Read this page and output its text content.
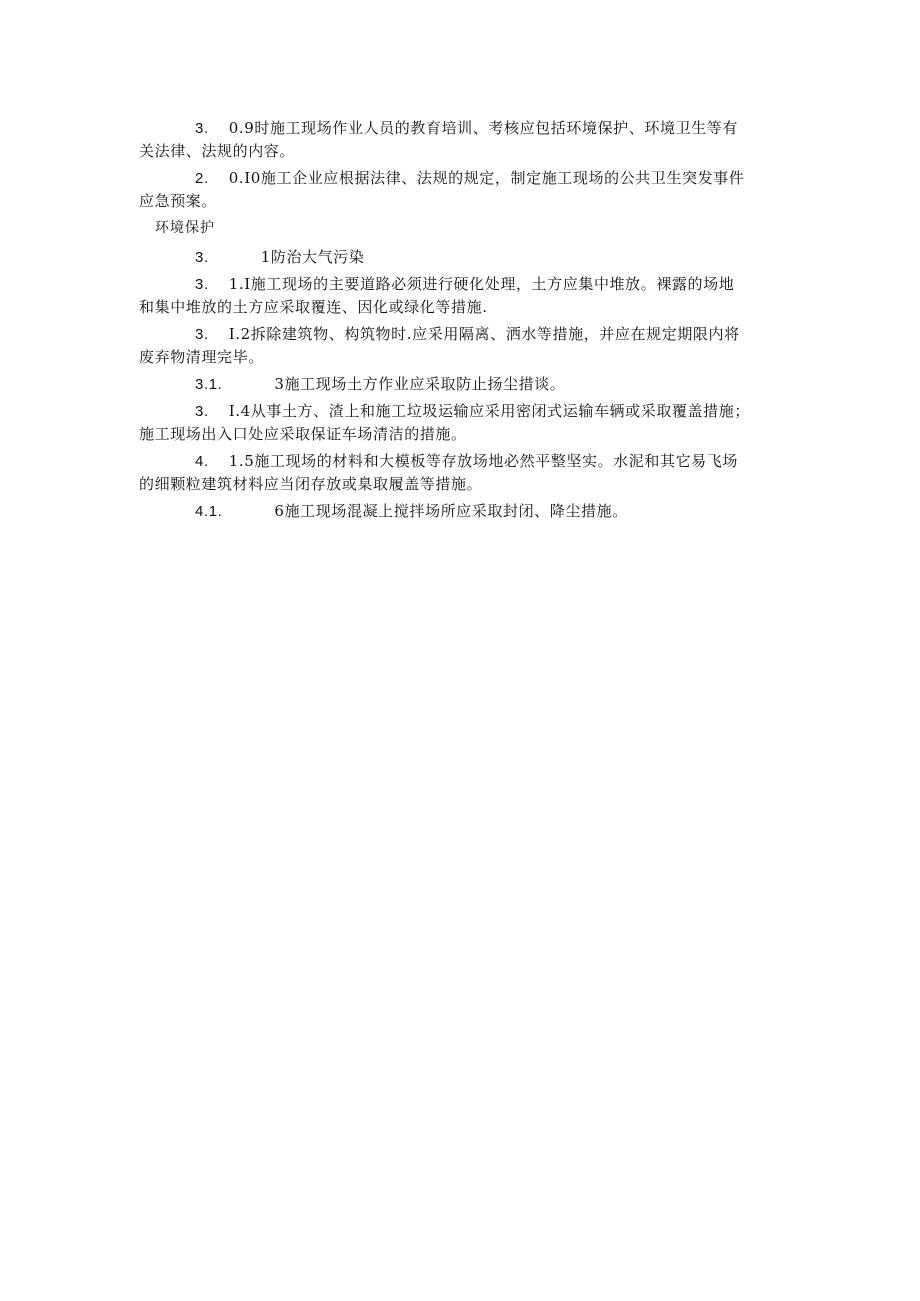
3. 0.9时施工现场作业人员的教育培训、考核应包括环境保护、环境卫生等有
关法律、法规的内容。

2. 0.I0施工企业应根据法律、法规的规定，制定施工现场的公共卫生突发事件
应急预案。

环境保护

3.	1防治大气污染

3. 1.I施工现场的主要道路必须进行硬化处理，土方应集中堆放。裸露的场地
和集中堆放的土方应采取覆连、因化或绿化等措施.

3. I.2拆除建筑物、构筑物时.应采用隔离、洒水等措施，并应在规定期限内将
废弃物清理完毕。

3.1.	3施工现场土方作业应采取防止扬尘措谈。

3. I.4从事土方、渣上和施工垃圾运输应采用密闭式运输车辆或采取覆盖措施；
施工现场出入口处应采取保证车场清洁的措施。

4. 1.5施工现场的材料和大模板等存放场地必然平整坚实。水泥和其它易飞场
的细颗粒建筑材料应当闭存放或臬取履盖等措施。

4.1.	6施工现场混凝上搅拌场所应采取封闭、降尘措施。
